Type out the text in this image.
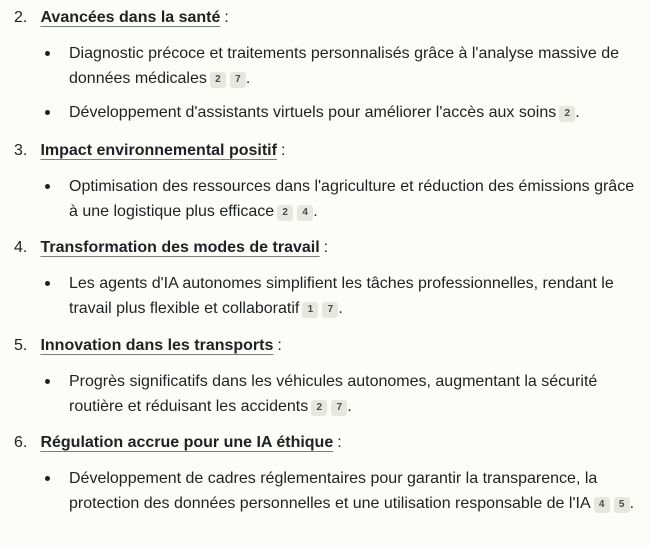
2. Avancées dans la santé :
Diagnostic précoce et traitements personnalisés grâce à l'analyse massive de données médicales 2 7 .
Développement d'assistants virtuels pour améliorer l'accès aux soins 2 .
3. Impact environnemental positif :
Optimisation des ressources dans l'agriculture et réduction des émissions grâce à une logistique plus efficace 2 4 .
4. Transformation des modes de travail :
Les agents d'IA autonomes simplifient les tâches professionnelles, rendant le travail plus flexible et collaboratif 1 7 .
5. Innovation dans les transports :
Progrès significatifs dans les véhicules autonomes, augmentant la sécurité routière et réduisant les accidents 2 7 .
6. Régulation accrue pour une IA éthique :
Développement de cadres réglementaires pour garantir la transparence, la protection des données personnelles et une utilisation responsable de l'IA 4 5 .
